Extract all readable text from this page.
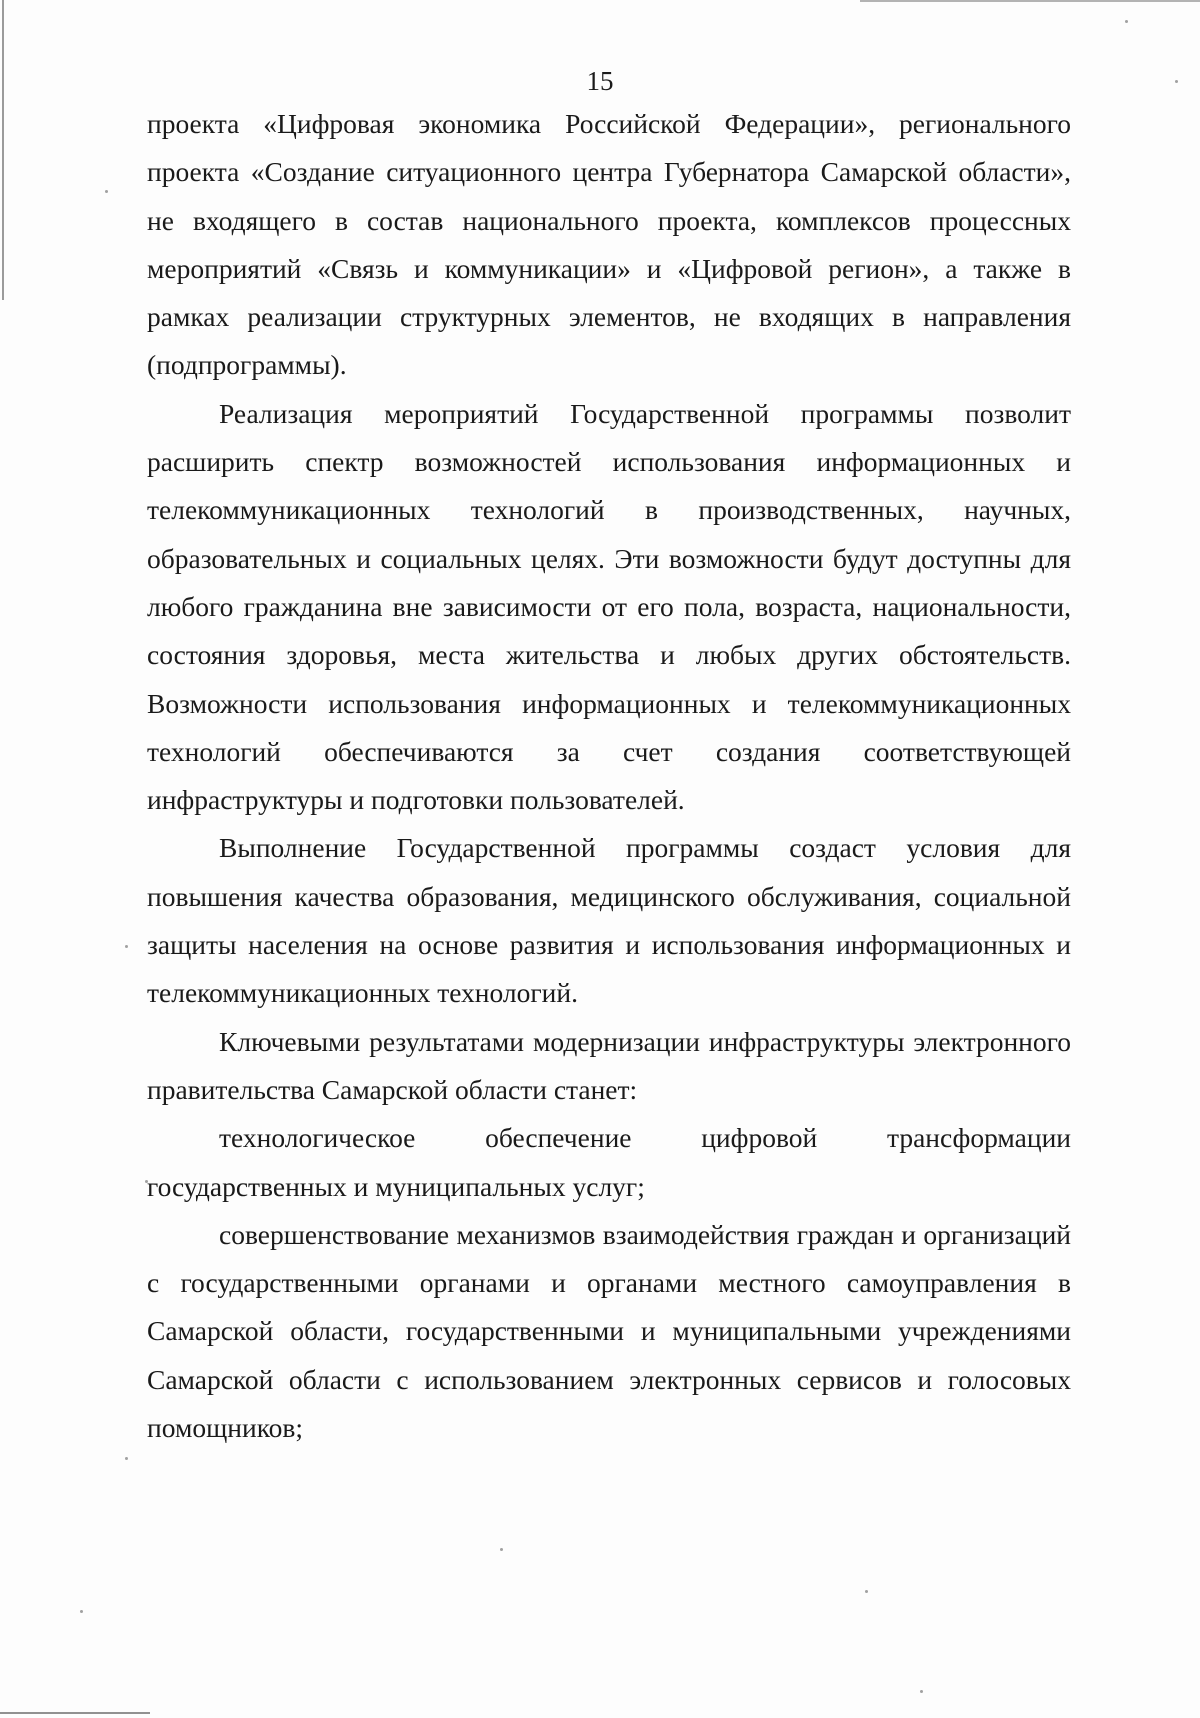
15

проекта «Цифровая экономика Российской Федерации», регионального проекта «Создание ситуационного центра Губернатора Самарской области», не входящего в состав национального проекта, комплексов процессных мероприятий «Связь и коммуникации» и «Цифровой регион», а также в рамках реализации структурных элементов, не входящих в направления (подпрограммы).

Реализация мероприятий Государственной программы позволит расширить спектр возможностей использования информационных и телекоммуникационных технологий в производственных, научных, образовательных и социальных целях. Эти возможности будут доступны для любого гражданина вне зависимости от его пола, возраста, национальности, состояния здоровья, места жительства и любых других обстоятельств. Возможности использования информационных и телекоммуникационных технологий обеспечиваются за счет создания соответствующей инфраструктуры и подготовки пользователей.

Выполнение Государственной программы создаст условия для повышения качества образования, медицинского обслуживания, социальной защиты населения на основе развития и использования информационных и телекоммуникационных технологий.

Ключевыми результатами модернизации инфраструктуры электронного правительства Самарской области станет:

технологическое обеспечение цифровой трансформации государственных и муниципальных услуг;

совершенствование механизмов взаимодействия граждан и организаций с государственными органами и органами местного самоуправления в Самарской области, государственными и муниципальными учреждениями Самарской области с использованием электронных сервисов и голосовых помощников;
